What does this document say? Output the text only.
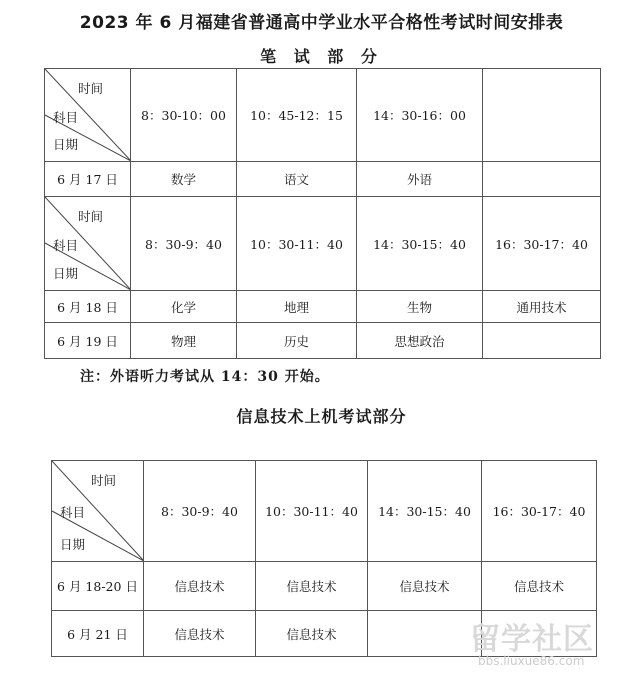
2023 年 6 月福建省普通高中学业水平合格性考试时间安排表
笔 试 部 分
时间
科目
日期	8：30-10：00	10：45-12：15	14：30-16：00	
6 月 17 日	数学	语文	外语	

时间
科目
日期	8：30-9：40	10：30-11：40	14：30-15：40	16：30-17：40
6 月 18 日	化学	地理	生物	通用技术
6 月 19 日	物理	历史	思想政治	
注：外语听力考试从 14：30 开始。
信息技术上机考试部分
时间
科目
日期	8：30-9：40	10：30-11：40	14：30-15：40	16：30-17：40
6 月 18-20 日	信息技术	信息技术	信息技术	信息技术
6 月 21 日	信息技术	信息技术			留学社区
bbs.liuxue86.com
